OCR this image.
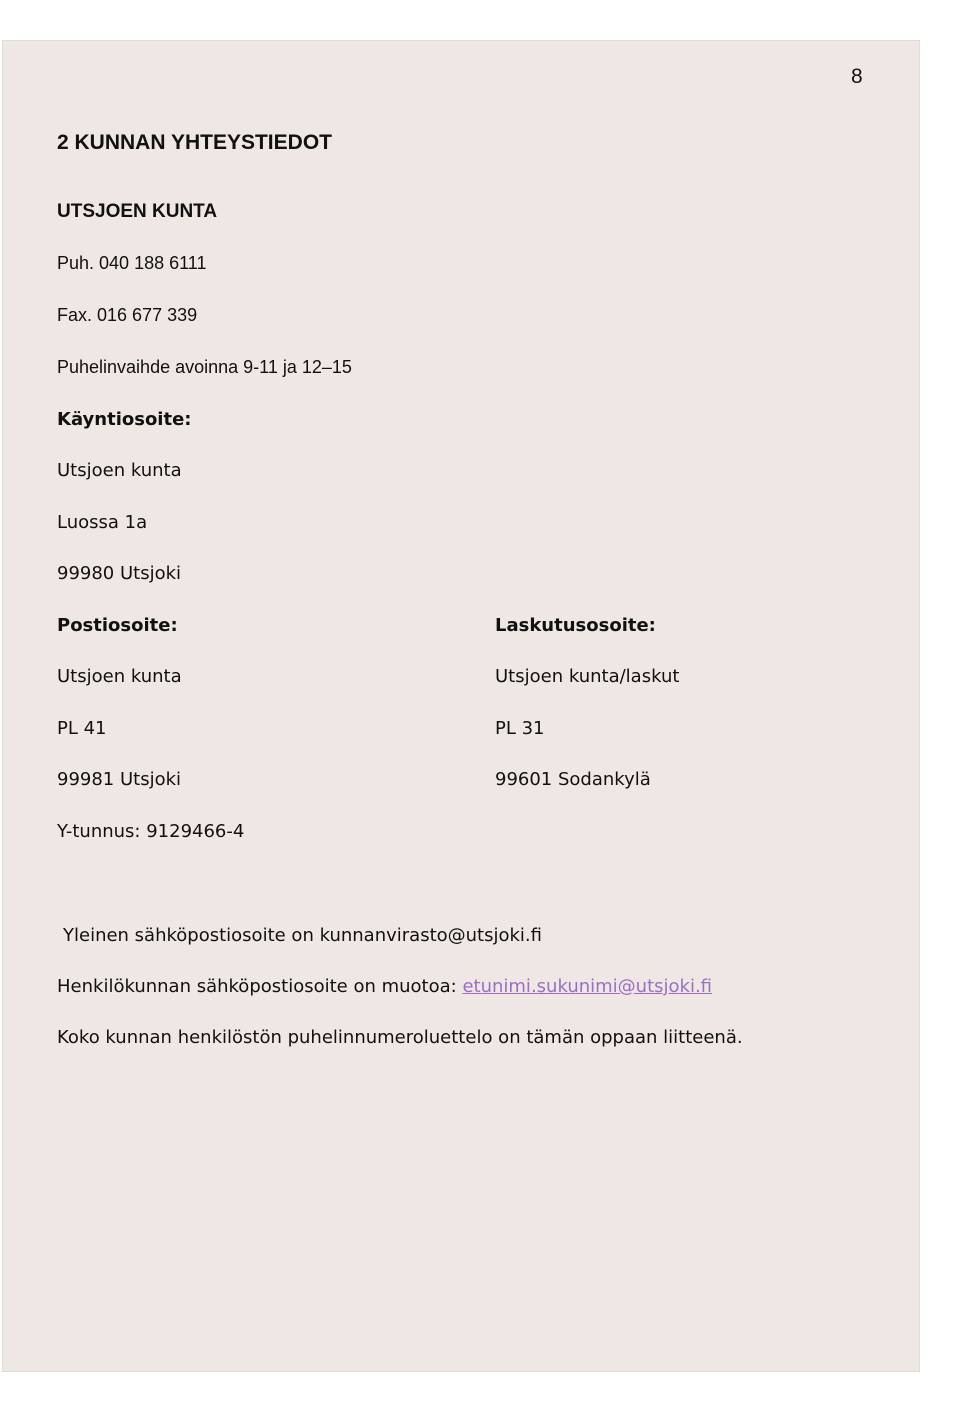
8
2 KUNNAN YHTEYSTIEDOT
UTSJOEN KUNTA
Puh. 040 188 6111
Fax. 016 677 339
Puhelinvaihde avoinna 9-11 ja 12–15
Käyntiosoite:
Utsjoen kunta
Luossa 1a
99980 Utsjoki
Postiosoite:
Utsjoen kunta
PL 41
99981 Utsjoki
Laskutusosoite:
Utsjoen kunta/laskut
PL 31
99601 Sodankylä
Y-tunnus: 9129466-4
Yleinen sähköpostiosoite on kunnanvirasto@utsjoki.fi
Henkilökunnan sähköpostiosoite on muotoa: etunimi.sukunimi@utsjoki.fi
Koko kunnan henkilöstön puhelinnumeroluettelo on tämän oppaan liitteenä.
